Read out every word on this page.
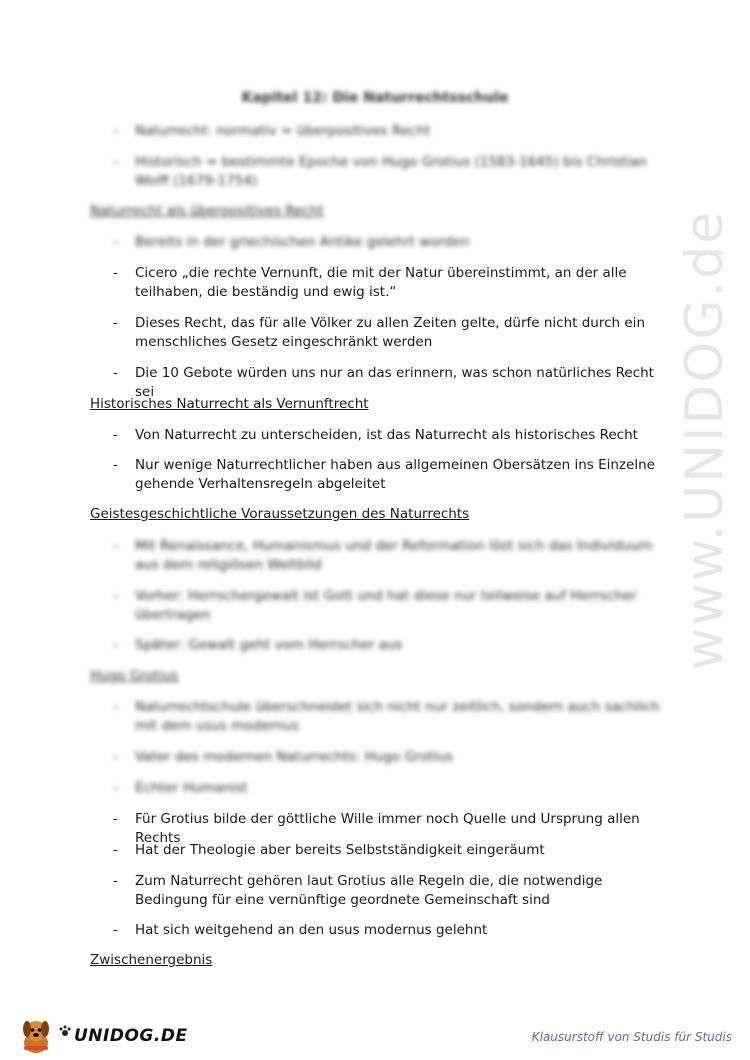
www.UNIDOG.de
Kapitel 12: Die Naturrechtsschule
-	Naturrecht: normativ = überpositives Recht
-	Historisch = bestimmte Epoche von Hugo Grotius (1583-1645) bis Christian Wolff (1679-1754)
Naturrecht als überpositives Recht
-	Bereits in der griechischen Antike gelehrt worden
-	Cicero „die rechte Vernunft, die mit der Natur übereinstimmt, an der alle teilhaben, die beständig und ewig ist.“
-	Dieses Recht, das für alle Völker zu allen Zeiten gelte, dürfe nicht durch ein menschliches Gesetz eingeschränkt werden
-	Die 10 Gebote würden uns nur an das erinnern, was schon natürliches Recht sei
Historisches Naturrecht als Vernunftrecht
-	Von Naturrecht zu unterscheiden, ist das Naturrecht als historisches Recht
-	Nur wenige Naturrechtlicher haben aus allgemeinen Obersätzen ins Einzelne gehende Verhaltensregeln abgeleitet
Geistesgeschichtliche Voraussetzungen des Naturrechts
-	Mit Renaissance, Humanismus und der Reformation löst sich das Individuum aus dem religiösen Weltbild
-	Vorher: Herrschergewalt ist Gott und hat diese nur teilweise auf Herrscher übertragen
-	Später: Gewalt geht vom Herrscher aus
Hugo Grotius
-	Naturrechtschule überschneidet sich nicht nur zeitlich, sondern auch sachlich mit dem usus modernus
-	Vater des modernen Naturrechts: Hugo Grotius
-	Echter Humanist
-	Für Grotius bilde der göttliche Wille immer noch Quelle und Ursprung allen Rechts
-	Hat der Theologie aber bereits Selbstständigkeit eingeräumt
-	Zum Naturrecht gehören laut Grotius alle Regeln die, die notwendige Bedingung für eine vernünftige geordnete Gemeinschaft sind
-	Hat sich weitgehend an den usus modernus gelehnt
Zwischenergebnis
UNIDOG.DE	Klausurstoff von Studis für Studis
